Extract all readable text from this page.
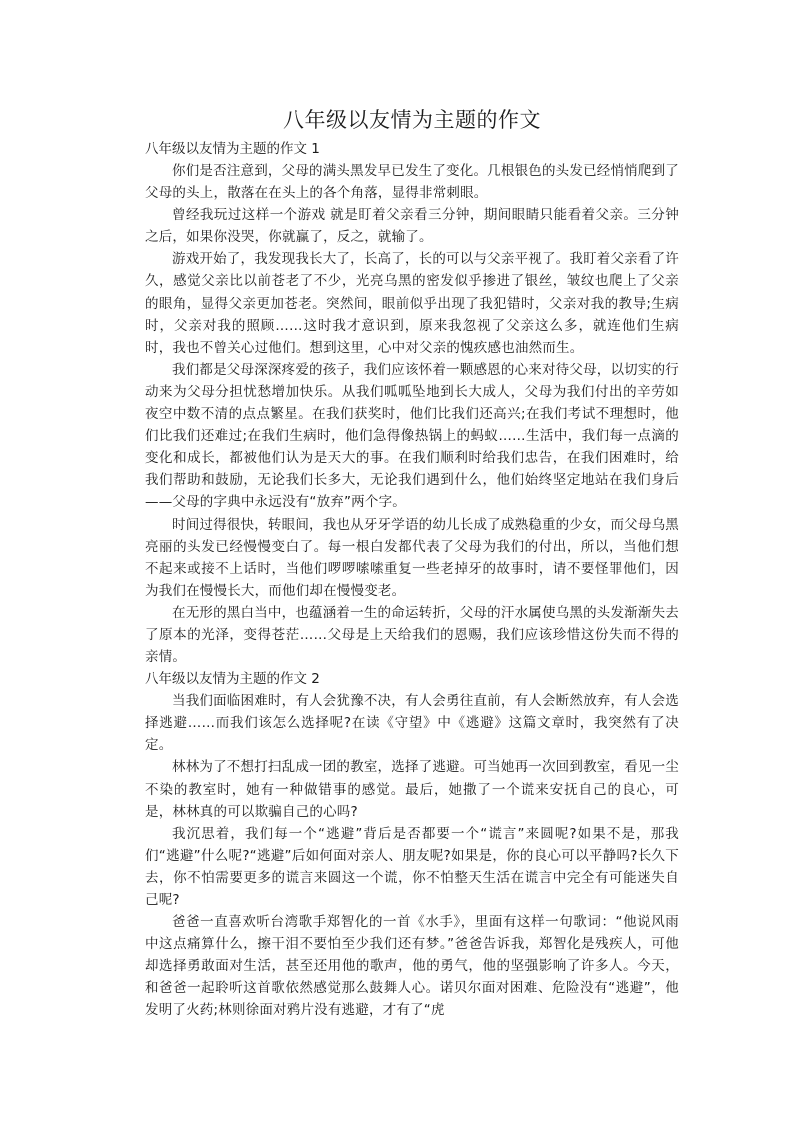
八年级以友情为主题的作文

八年级以友情为主题的作文 1

你们是否注意到，父母的满头黑发早已发生了变化。几根银色的头发已经悄悄爬到了父母的头上，散落在在头上的各个角落，显得非常刺眼。

曾经我玩过这样一个游戏 就是盯着父亲看三分钟，期间眼睛只能看着父亲。三分钟之后，如果你没哭，你就赢了，反之，就输了。

游戏开始了，我发现我长大了，长高了，长的可以与父亲平视了。我盯着父亲看了许久，感觉父亲比以前苍老了不少，光亮乌黑的密发似乎掺进了银丝，皱纹也爬上了父亲的眼角，显得父亲更加苍老。突然间，眼前似乎出现了我犯错时，父亲对我的教导;生病时，父亲对我的照顾……这时我才意识到，原来我忽视了父亲这么多，就连他们生病时，我也不曾关心过他们。想到这里，心中对父亲的愧疚感也油然而生。

我们都是父母深深疼爱的孩子，我们应该怀着一颗感恩的心来对待父母，以切实的行动来为父母分担忧愁增加快乐。从我们呱呱坠地到长大成人，父母为我们付出的辛劳如夜空中数不清的点点繁星。在我们获奖时，他们比我们还高兴;在我们考试不理想时，他们比我们还难过;在我们生病时，他们急得像热锅上的蚂蚁……生活中，我们每一点滴的变化和成长，都被他们认为是天大的事。在我们顺利时给我们忠告，在我们困难时，给我们帮助和鼓励，无论我们长多大，无论我们遇到什么，他们始终坚定地站在我们身后——父母的字典中永远没有“放弃”两个字。

时间过得很快，转眼间，我也从牙牙学语的幼儿长成了成熟稳重的少女，而父母乌黑亮丽的头发已经慢慢变白了。每一根白发都代表了父母为我们的付出，所以，当他们想不起来或接不上话时，当他们啰啰嗦嗦重复一些老掉牙的故事时，请不要怪罪他们，因为我们在慢慢长大，而他们却在慢慢变老。

在无形的黑白当中，也蕴涵着一生的命运转折，父母的汗水属使乌黑的头发渐渐失去了原本的光泽，变得苍茫……父母是上天给我们的恩赐，我们应该珍惜这份失而不得的亲情。

八年级以友情为主题的作文 2

当我们面临困难时，有人会犹豫不决，有人会勇往直前，有人会断然放弃，有人会选择逃避……而我们该怎么选择呢?在读《守望》中《逃避》这篇文章时，我突然有了决定。

林林为了不想打扫乱成一团的教室，选择了逃避。可当她再一次回到教室，看见一尘不染的教室时，她有一种做错事的感觉。最后，她撒了一个谎来安抚自己的良心，可是，林林真的可以欺骗自己的心吗?

我沉思着，我们每一个“逃避”背后是否都要一个“谎言”来圆呢?如果不是，那我们“逃避”什么呢?“逃避”后如何面对亲人、朋友呢?如果是，你的良心可以平静吗?长久下去，你不怕需要更多的谎言来圆这一个谎，你不怕整天生活在谎言中完全有可能迷失自己呢?

爸爸一直喜欢听台湾歌手郑智化的一首《水手》，里面有这样一句歌词：“他说风雨中这点痛算什么，擦干泪不要怕至少我们还有梦。”爸爸告诉我，郑智化是残疾人，可他却选择勇敢面对生活，甚至还用他的歌声，他的勇气，他的坚强影响了许多人。今天，和爸爸一起聆听这首歌依然感觉那么鼓舞人心。诺贝尔面对困难、危险没有“逃避”，他发明了火药;林则徐面对鸦片没有逃避，才有了“虎
